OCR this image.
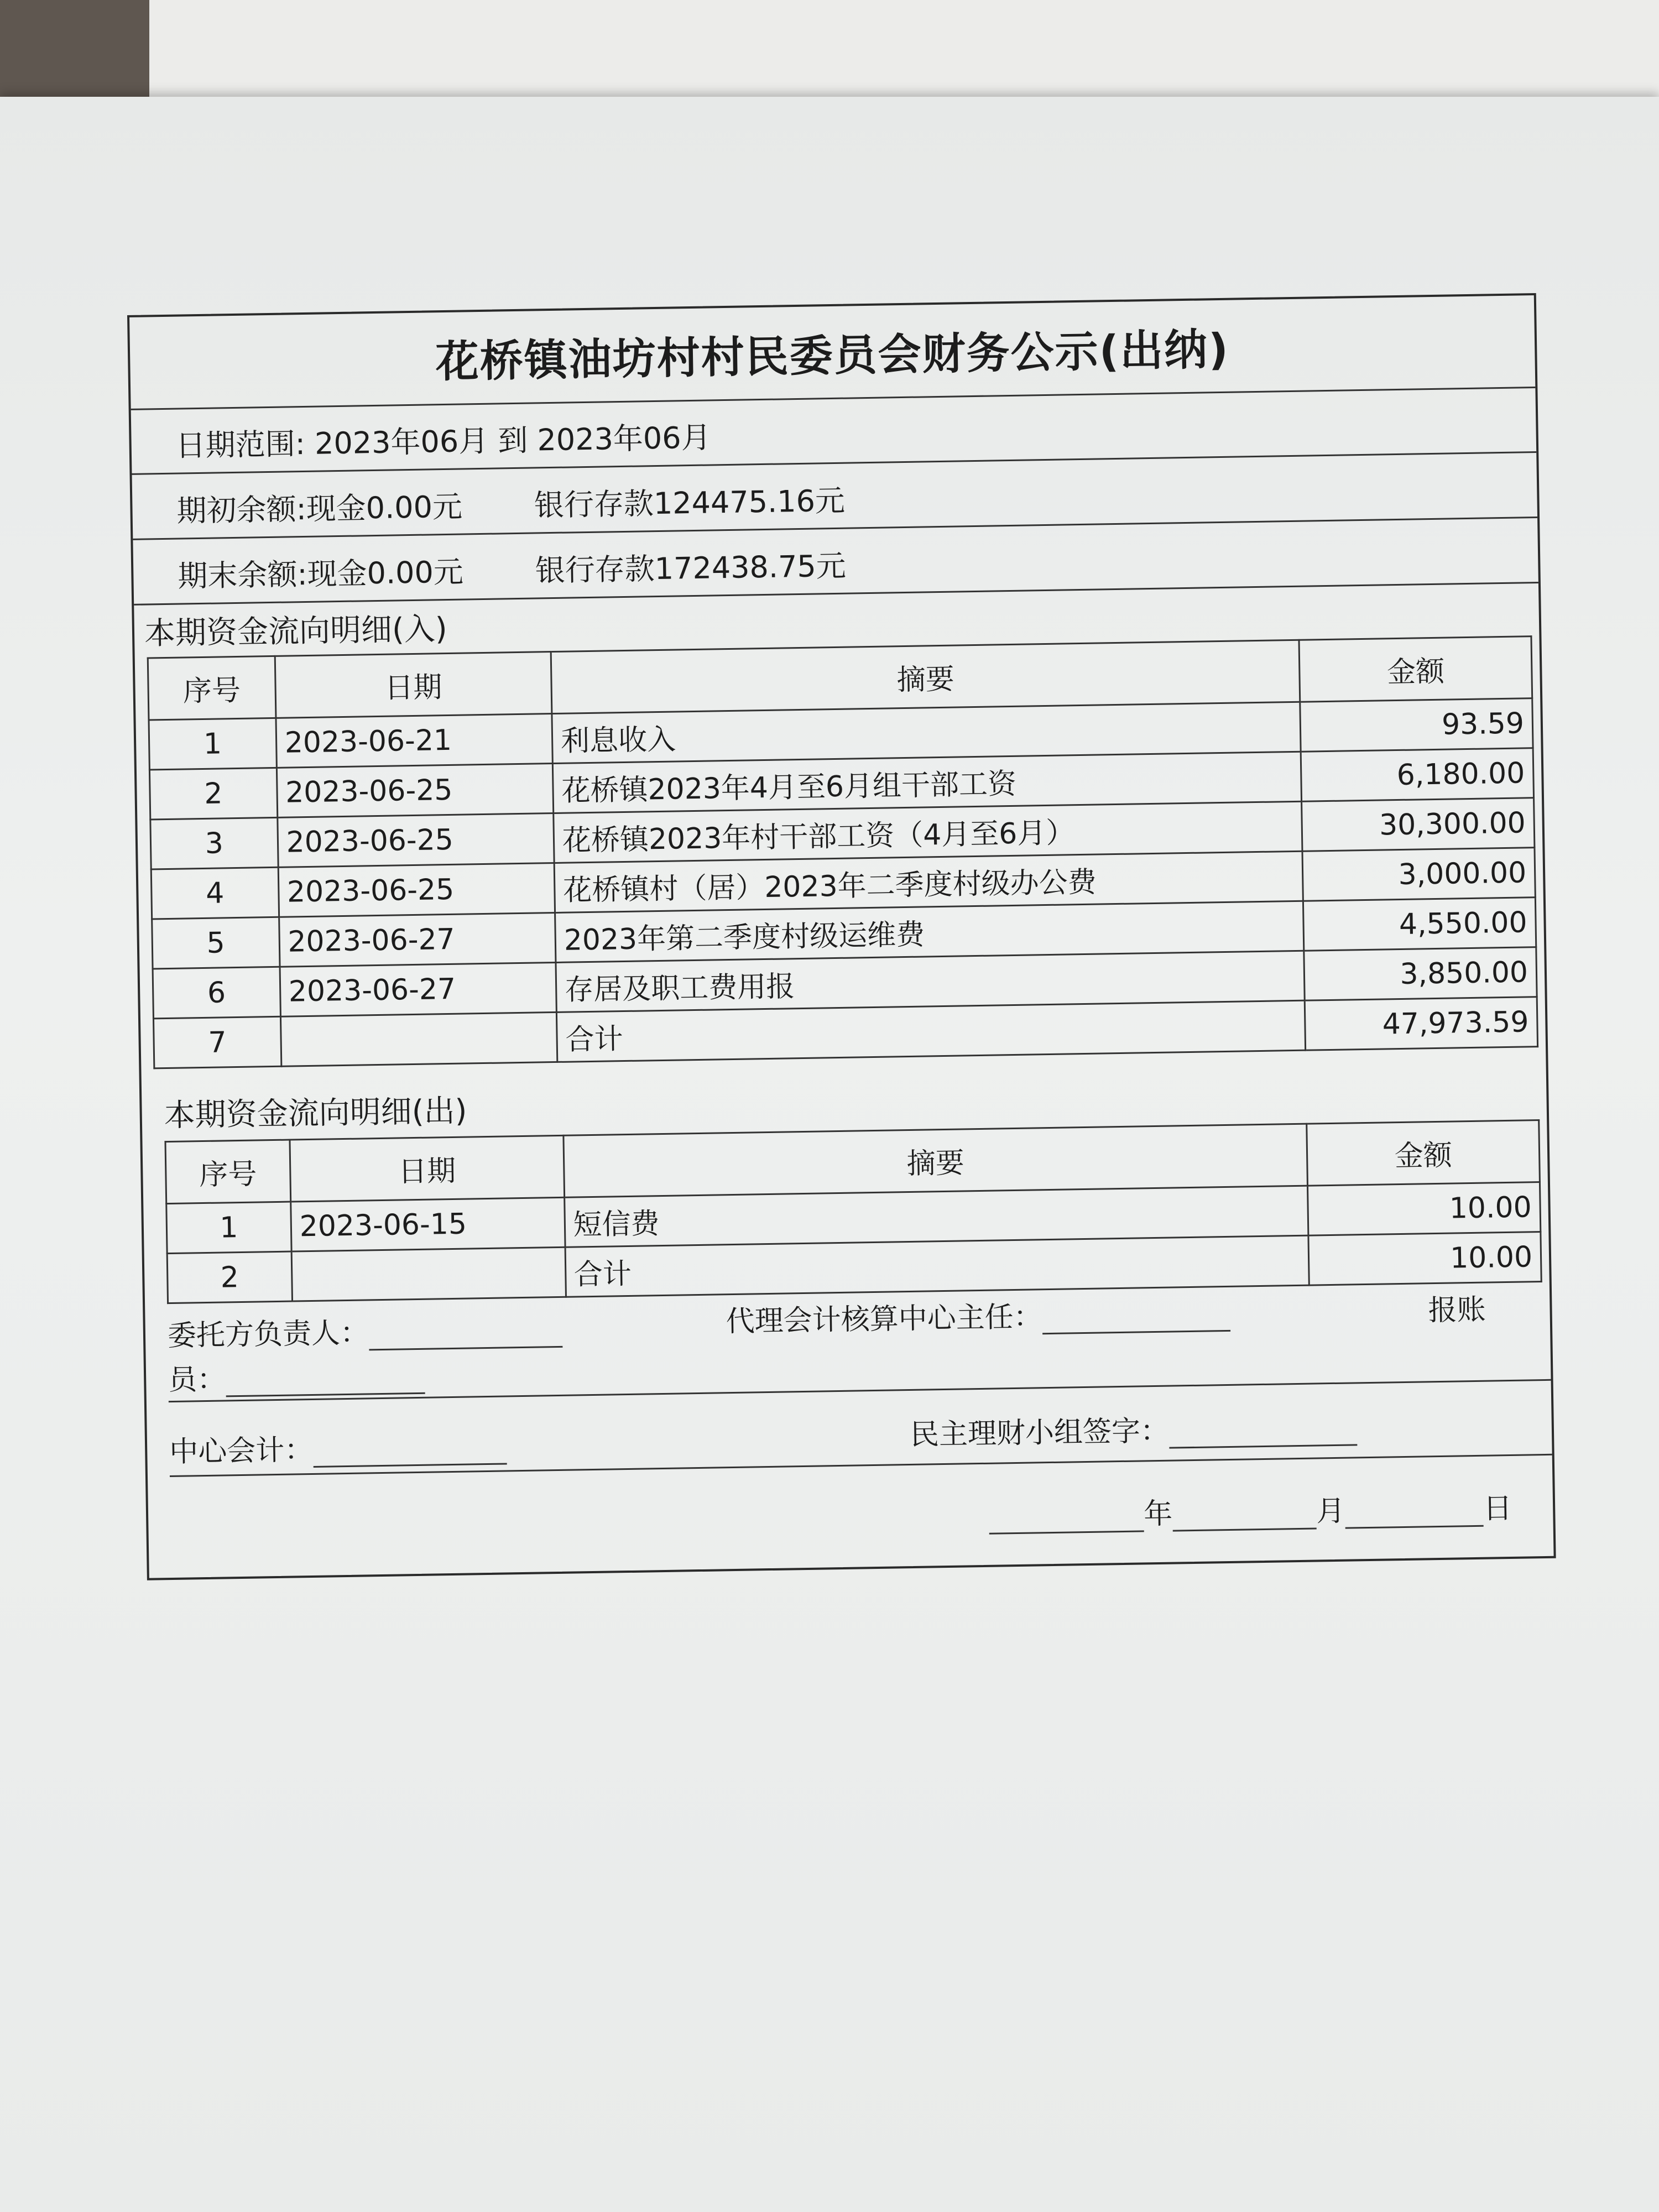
花桥镇油坊村村民委员会财务公示(出纳)
日期范围: 2023年06月 到 2023年06月
期初余额: 现金0.00元 银行存款124475.16元
期末余额: 现金0.00元 银行存款172438.75元
本期资金流向明细(入)
序号	日期	摘要	金额
1	2023-06-21	利息收入	93.59
2	2023-06-25	花桥镇2023年4月至6月组干部工资	6,180.00
3	2023-06-25	花桥镇2023年村干部工资（4月至6月）	30,300.00
4	2023-06-25	花桥镇村（居）2023年二季度村级办公费	3,000.00
5	2023-06-27	2023年第二季度村级运维费	4,550.00
6	2023-06-27	存居及职工费用报	3,850.00
7		合计	47,973.59
本期资金流向明细(出)
序号	日期	摘要	金额
1	2023-06-15	短信费	10.00
2		合计	10.00
委托方负责人：	代理会计核算中心主任：	报账
员：
中心会计：	民主理财小组签字：
年	月	日
